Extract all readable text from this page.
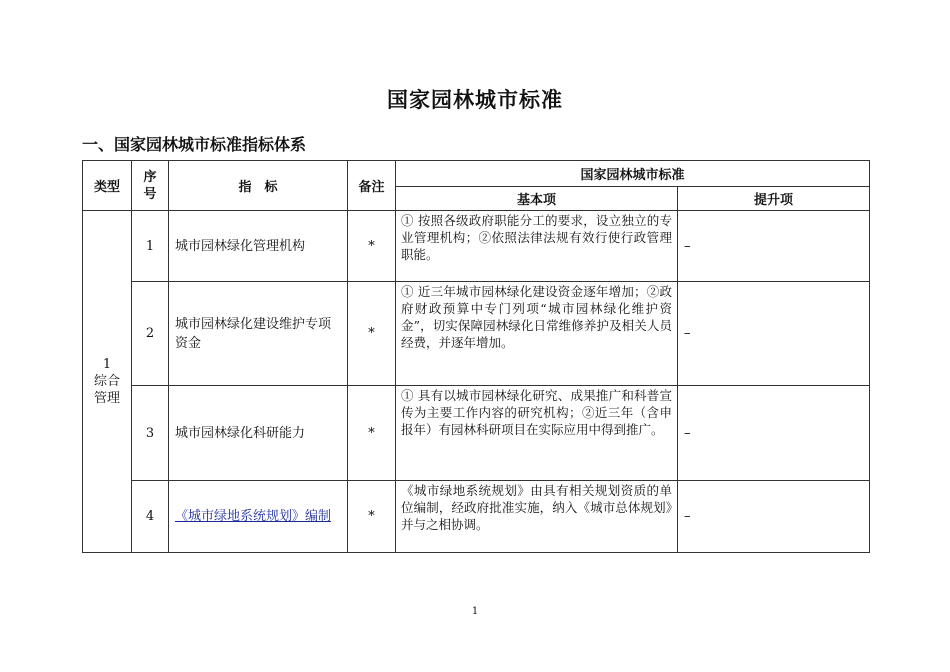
国家园林城市标准
一、国家园林城市标准指标体系
类型	序号	指　标	备注	国家园林城市标准	
				基本项	提升项

1
综合管理	1	城市园林绿化管理机构	*	① 按照各级政府职能分工的要求，设立独立的专业管理机构；②依照法律法规有效行使行政管理职能。	–
	2	城市园林绿化建设维护专项资金	*	① 近三年城市园林绿化建设资金逐年增加；②政府财政预算中专门列项“城市园林绿化维护资金”，切实保障园林绿化日常维修养护及相关人员经费，并逐年增加。	–
	3	城市园林绿化科研能力	*	① 具有以城市园林绿化研究、成果推广和科普宣传为主要工作内容的研究机构；②近三年（含申报年）有园林科研项目在实际应用中得到推广。	–
	4	《城市绿地系统规划》编制	*	《城市绿地系统规划》由具有相关规划资质的单位编制，经政府批准实施，纳入《城市总体规划》并与之相协调。	–
1
